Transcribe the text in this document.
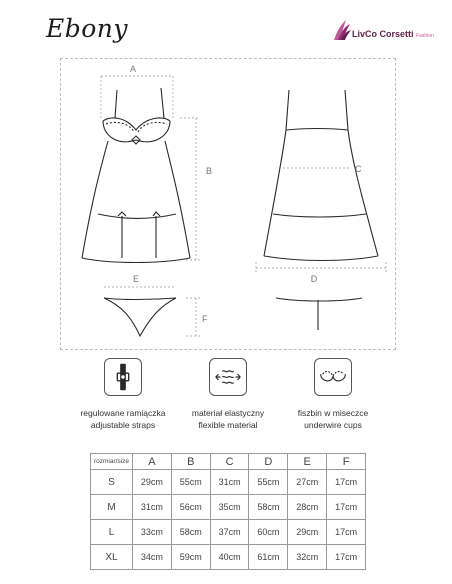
Ebony	LivCo Corsetti Fashion
A
B	C
D
E
F
regulowane ramiączka
adjustable straps
materiał elastyczny
flexible material
fiszbin w miseczce
underwire cups
rozmiar/size	A	B	C	D	E	F
S	29cm	55cm	31cm	55cm	27cm	17cm
M	31cm	56cm	35cm	58cm	28cm	17cm
L	33cm	58cm	37cm	60cm	29cm	17cm
XL	34cm	59cm	40cm	61cm	32cm	17cm
